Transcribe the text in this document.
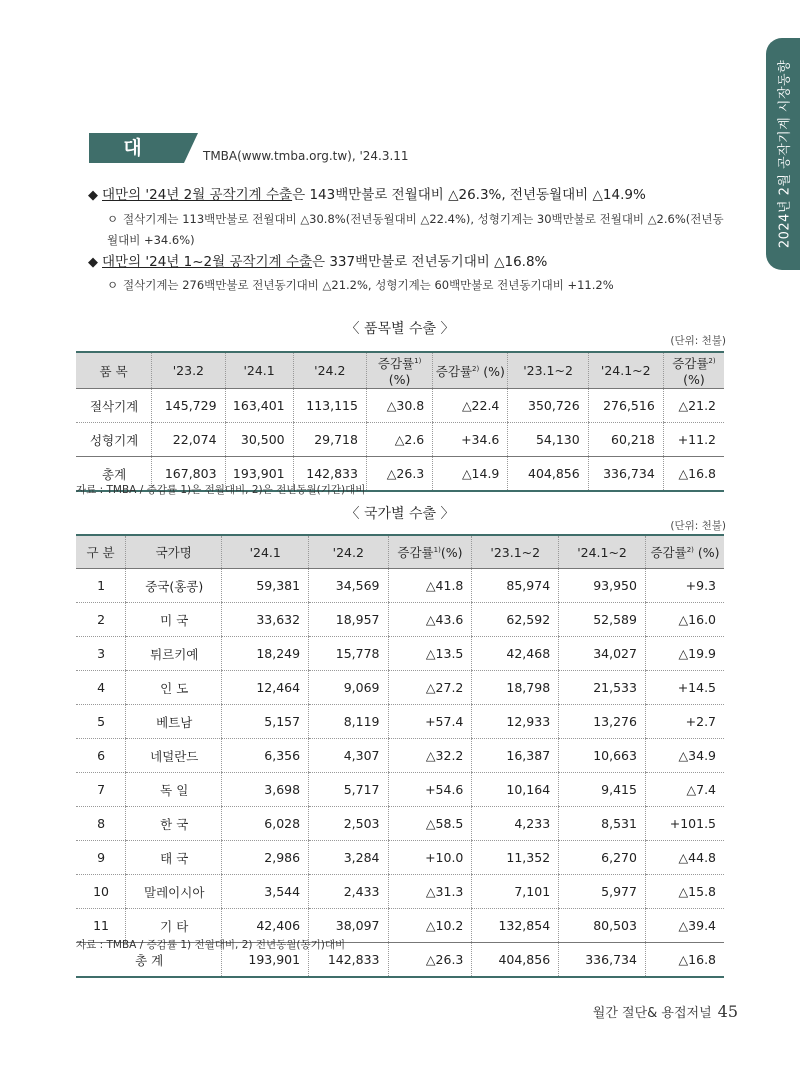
2024년 2월 공작기계 시장동향
대 만
TMBA(www.tmba.org.tw), '24.3.11
◆ 대만의 '24년 2월 공작기계 수출은 143백만불로 전월대비 △26.3%, 전년동월대비 △14.9%
ㅇ 절삭기계는 113백만불로 전월대비 △30.8%(전년동월대비 △22.4%), 성형기계는 30백만불로 전월대비 △2.6%(전년동월대비 +34.6%)
◆ 대만의 '24년 1~2월 공작기계 수출은 337백만불로 전년동기대비 △16.8%
ㅇ 절삭기계는 276백만불로 전년동기대비 △21.2%, 성형기계는 60백만불로 전년동기대비 +11.2%
〈 품목별 수출 〉
(단위: 천불)
품 목	'23.2	'24.1	'24.2	증감률$^{1)}$ (%)	증감률$^{2)}$ (%)	'23.1~2	'24.1~2	증감률$^{2)}$ (%)
절삭기계	145,729	163,401	113,115	△30.8	△22.4	350,726	276,516	△21.2
성형기계	22,074	30,500	29,718	△2.6	+34.6	54,130	60,218	+11.2
총계	167,803	193,901	142,833	△26.3	△14.9	404,856	336,734	△16.8
자료 : TMBA / 증감률 1)은 전월대비, 2)은 전년동월(기간)대비
〈 국가별 수출 〉
(단위: 천불)
구 분	국가명	'24.1	'24.2	증감률$^{1)}$(%)	'23.1~2	'24.1~2	증감률$^{2)}$ (%)
1	중국(홍콩)	59,381	34,569	△41.8	85,974	93,950	+9.3
2	미 국	33,632	18,957	△43.6	62,592	52,589	△16.0
3	튀르키예	18,249	15,778	△13.5	42,468	34,027	△19.9
4	인 도	12,464	9,069	△27.2	18,798	21,533	+14.5
5	베트남	5,157	8,119	+57.4	12,933	13,276	+2.7
6	네덜란드	6,356	4,307	△32.2	16,387	10,663	△34.9
7	독 일	3,698	5,717	+54.6	10,164	9,415	△7.4
8	한 국	6,028	2,503	△58.5	4,233	8,531	+101.5
9	태 국	2,986	3,284	+10.0	11,352	6,270	△44.8
10	말레이시아	3,544	2,433	△31.3	7,101	5,977	△15.8
11	기 타	42,406	38,097	△10.2	132,854	80,503	△39.4
총 계		193,901	142,833	△26.3	404,856	336,734	△16.8
자료 : TMBA / 증감률 1) 전월대비, 2) 전년동월(동기)대비
월간 절단& 용접저널 45
